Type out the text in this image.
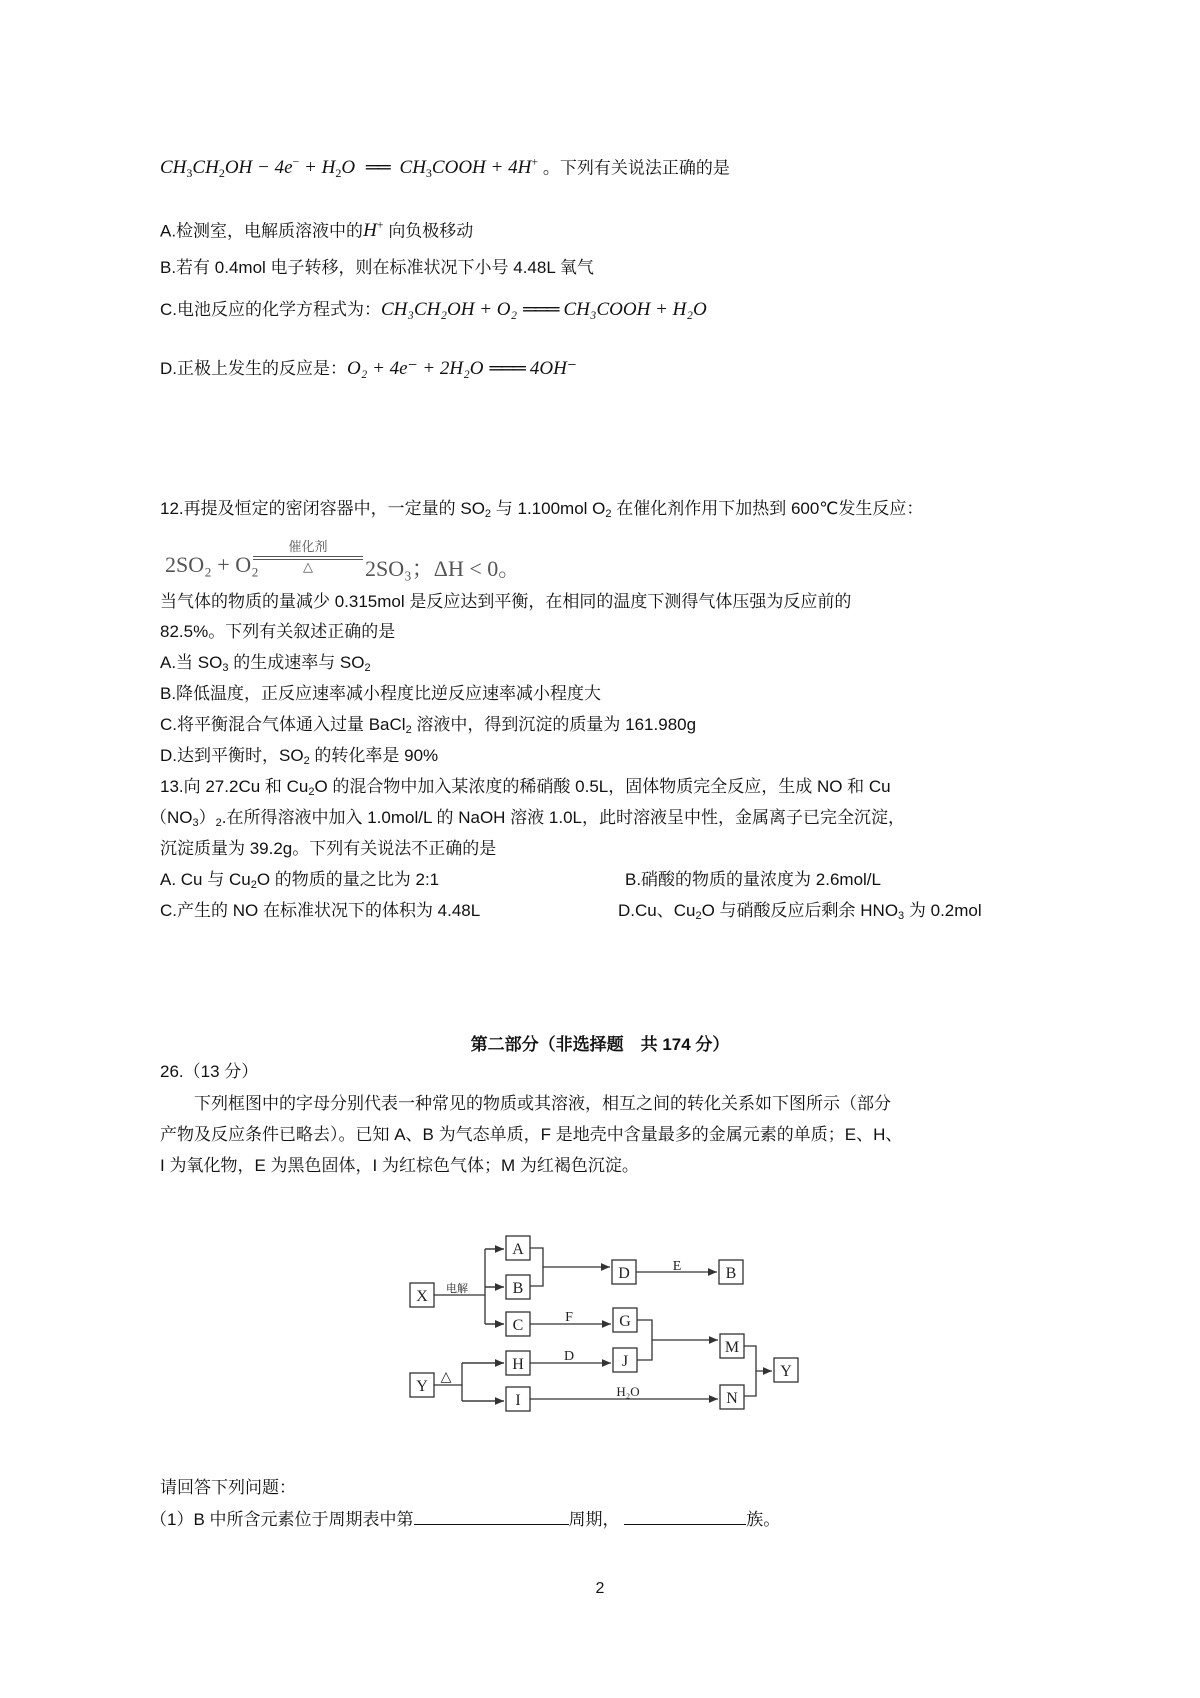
$CH_3CH_2OH - 4e^- + H_2O$ ══ $CH_3COOH + 4H^+$ 。下列有关说法正确的是
A.检测室，电解质溶液中的H+ 向负极移动
B.若有 0.4mol 电子转移，则在标准状况下小号 4.48L 氧气
C.电池反应的化学方程式为：CH₃CH₂OH + O₂ ═══ CH₃COOH + H₂O
D.正极上发生的反应是：O₂ + 4e⁻ + 2H₂O ═══ 4OH⁻
12.再提及恒定的密闭容器中，一定量的 $SO_2$ 与 1.100mol $O_2$ 在催化剂作用下加热到 600℃发生反应：
2SO₂ + O₂
催化剂
△	2SO₃；ΔH < 0。
当气体的物质的量减少 0.315mol 是反应达到平衡，在相同的温度下测得气体压强为反应前的
82.5%。下列有关叙述正确的是
A.当 $SO_3$ 的生成速率与 $SO_2$
B.降低温度，正反应速率减小程度比逆反应速率减小程度大
C.将平衡混合气体通入过量 BaCl$_2$ 溶液中，得到沉淀的质量为 161.980g
D.达到平衡时，$SO_2$ 的转化率是 90%
13.向 27.2Cu 和 $Cu_2O$ 的混合物中加入某浓度的稀硝酸 0.5L，固体物质完全反应，生成 NO 和 Cu
$(NO_3)_2$.在所得溶液中加入 1.0mol/L 的 NaOH 溶液 1.0L，此时溶液呈中性，金属离子已完全沉淀，
沉淀质量为 39.2g。下列有关说法不正确的是
A. Cu 与 $Cu_2O$ 的物质的量之比为 2:1	B.硝酸的物质的量浓度为 2.6mol/L
C.产生的 NO 在标准状况下的体积为 4.48L	D.Cu、$Cu_2O$ 与硝酸反应后剩余 $HNO_3$ 为 0.2mol
第二部分（非选择题　共 174 分）
26.（13 分）
下列框图中的字母分别代表一种常见的物质或其溶液，相互之间的转化关系如下图所示（部分
产物及反应条件已略去）。已知 A、B 为气态单质，F 是地壳中含量最多的金属元素的单质；E、H、
I 为氧化物，E 为黑色固体，I 为红棕色气体；M 为红褐色沉淀。
X
A
B
C
D	B
G
H	J
Y
I
M
N
Y
电解
E
F
D
△
H₂O
请回答下列问题：
（1）B 中所含元素位于周期表中第	周期，	族。
2
